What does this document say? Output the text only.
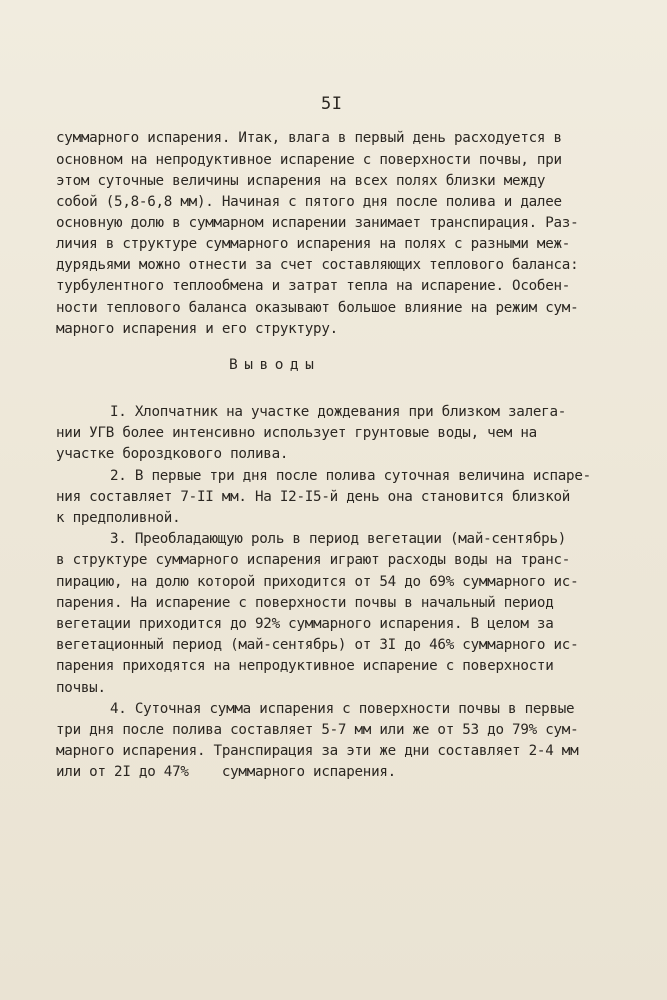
5I
суммарного испарения. Итак, влага в первый день расходуется в
основном на непродуктивное испарение с поверхности почвы, при
этом суточные величины испарения на всех полях близки между
собой (5,8-6,8 мм). Начиная с пятого дня после полива и далее
основную долю в суммарном испарении занимает транспирация. Раз-
личия в структуре суммарного испарения на полях с разными меж-
дурядьями можно отнести за счет составляющих теплового баланса:
турбулентного теплообмена и затрат тепла на испарение. Особен-
ности теплового баланса оказывают большое влияние на режим сум-
марного испарения и его структуру.
Выводы
I. Хлопчатник на участке дождевания при близком залега-
нии УГВ более интенсивно использует грунтовые воды, чем на
участке бороздкового полива.
2. В первые три дня после полива суточная величина испаре-
ния составляет 7-II мм. На I2-I5-й день она становится близкой
к предполивной.
3. Преобладающую роль в период вегетации (май-сентябрь)
в структуре суммарного испарения играют расходы воды на транс-
пирацию, на долю которой приходится от 54 до 69% суммарного ис-
парения. На испарение с поверхности почвы в начальный период
вегетации приходится до 92% суммарного испарения. В целом за
вегетационный период (май-сентябрь) от 3I до 46% суммарного ис-
парения приходятся на непродуктивное испарение с поверхности
почвы.
4. Суточная сумма испарения с поверхности почвы в первые
три дня после полива составляет 5-7 мм или же от 53 до 79% сум-
марного испарения. Транспирация за эти же дни составляет 2-4 мм
или от 2I до 47%    суммарного испарения.
